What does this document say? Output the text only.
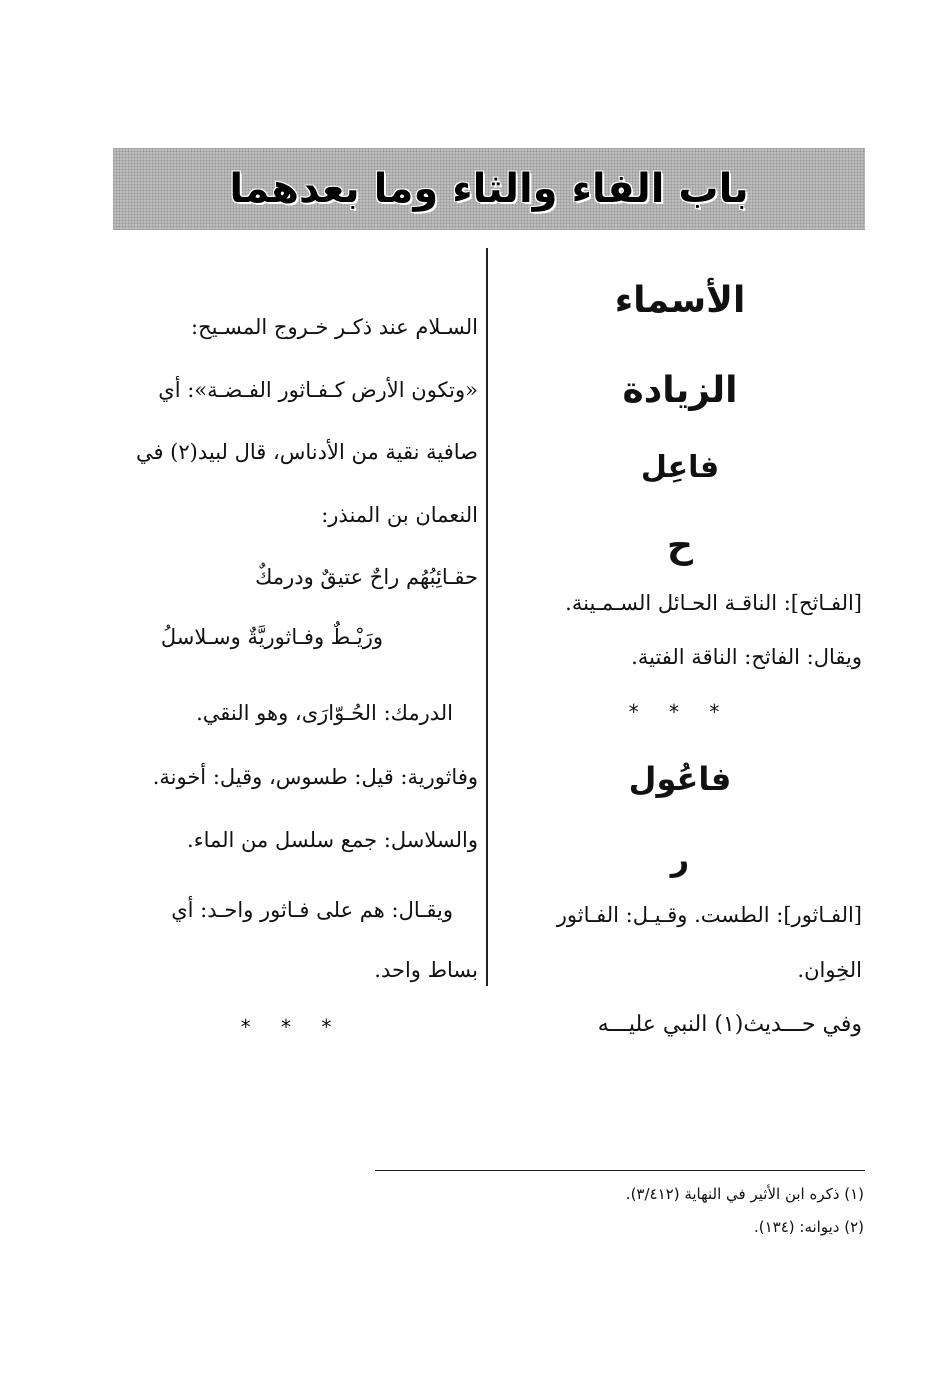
باب الفاء والثاء وما بعدهما
الأسماء
الزيادة
فاعِل
ح
[الفـاثح]: الناقـة الحـائل السـمـينة.
ويقال: الفاثح: الناقة الفتية.
[الفـاثور]: الطست. وقـيـل: الفـاثور
الخِوان.
وفي حـــديث(١) النبي عليـــه
* * *
فاعُول
ر
السـلام عند ذكـر خـروج المسـيح:
«وتكون الأرض كـفـاثور الفـضـة»: أي
صافية نقية من الأدناس، قال لبيد(٢) في
النعمان بن المنذر:
حقـائِبُهُم راحٌ عتيقٌ ودرمكٌ
ورَيْـطٌ وفـاثوريَّةٌ وسـلاسلُ
الدرمك: الحُـوّارَى، وهو النقي.
وفاثورية: قيل: طسوس، وقيل: أخونة.
والسلاسل: جمع سلسل من الماء.
ويقـال: هم على فـاثور واحـد: أي
بساط واحد.
* * *
(١) ذكره ابن الأثير في النهاية (٣/٤١٢).
(٢) ديوانه: (١٣٤).
